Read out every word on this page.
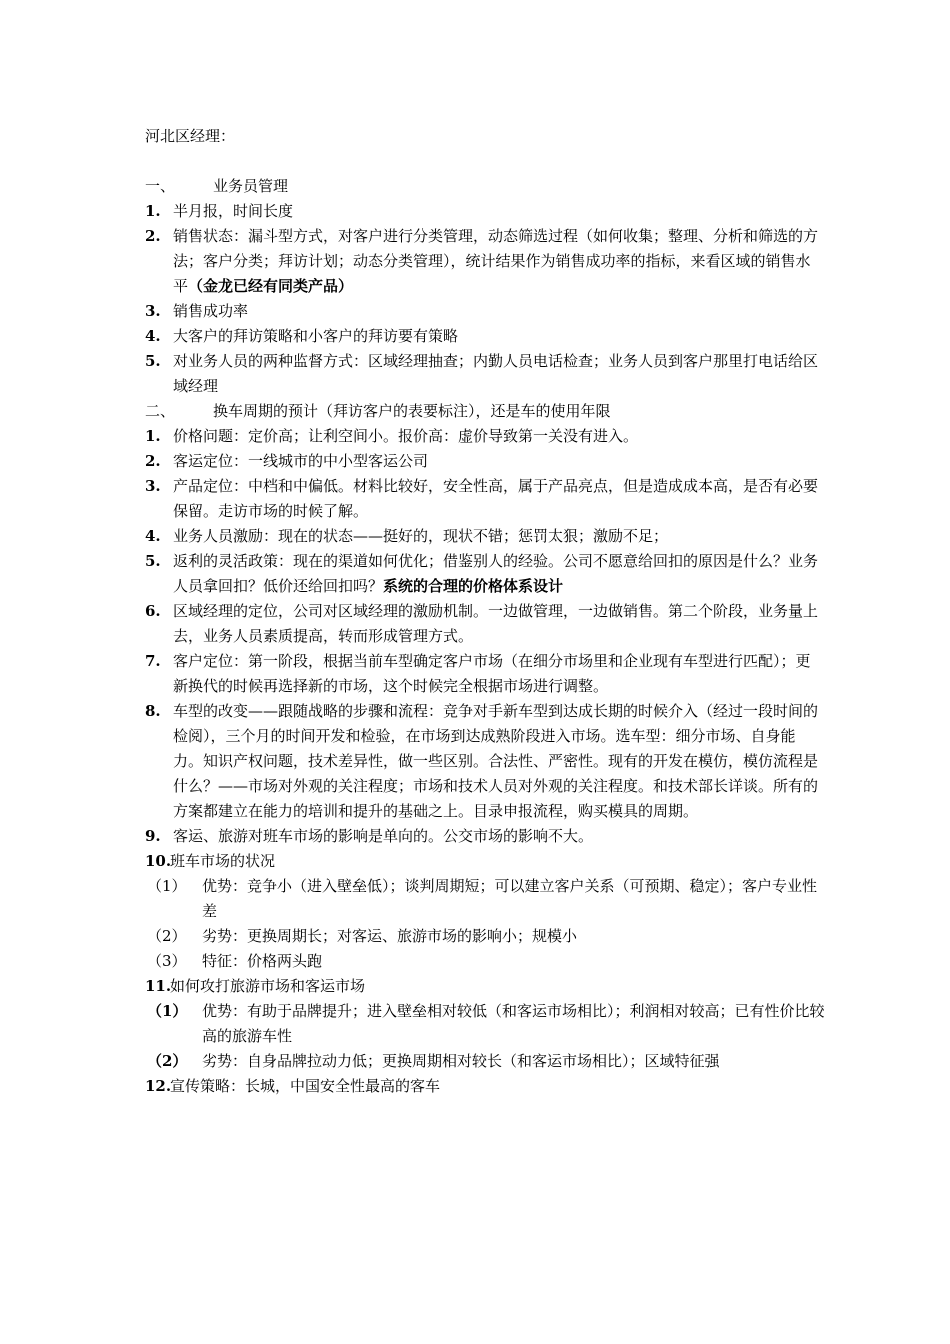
河北区经理：
一、	业务员管理
1. 半月报，时间长度
2. 销售状态：漏斗型方式，对客户进行分类管理，动态筛选过程（如何收集；整理、分析和筛选的方法；客户分类；拜访计划；动态分类管理），统计结果作为销售成功率的指标，来看区域的销售水平（金龙已经有同类产品）
3. 销售成功率
4. 大客户的拜访策略和小客户的拜访要有策略
5. 对业务人员的两种监督方式：区域经理抽查；内勤人员电话检查；业务人员到客户那里打电话给区域经理
二、	换车周期的预计（拜访客户的表要标注），还是车的使用年限
1. 价格问题：定价高；让利空间小。报价高：虚价导致第一关没有进入。
2. 客运定位：一线城市的中小型客运公司
3. 产品定位：中档和中偏低。材料比较好，安全性高，属于产品亮点，但是造成成本高，是否有必要保留。走访市场的时候了解。
4. 业务人员激励：现在的状态——挺好的，现状不错；惩罚太狠；激励不足；
5. 返利的灵活政策：现在的渠道如何优化；借鉴别人的经验。公司不愿意给回扣的原因是什么？业务人员拿回扣？低价还给回扣吗？系统的合理的价格体系设计
6. 区域经理的定位，公司对区域经理的激励机制。一边做管理，一边做销售。第二个阶段，业务量上去，业务人员素质提高，转而形成管理方式。
7. 客户定位：第一阶段，根据当前车型确定客户市场（在细分市场里和企业现有车型进行匹配）；更新换代的时候再选择新的市场，这个时候完全根据市场进行调整。
8. 车型的改变——跟随战略的步骤和流程：竞争对手新车型到达成长期的时候介入（经过一段时间的检阅），三个月的时间开发和检验，在市场到达成熟阶段进入市场。选车型：细分市场、自身能力。知识产权问题，技术差异性，做一些区别。合法性、严密性。现有的开发在模仿，模仿流程是什么？——市场对外观的关注程度；市场和技术人员对外观的关注程度。和技术部长详谈。所有的方案都建立在能力的培训和提升的基础之上。目录申报流程，购买模具的周期。
9. 客运、旅游对班车市场的影响是单向的。公交市场的影响不大。
10.
班车市场的状况
（1）	优势：竞争小（进入壁垒低）；谈判周期短；可以建立客户关系（可预期、稳定）；客户专业性差
（2）	劣势：更换周期长；对客运、旅游市场的影响小；规模小
（3）	特征：价格两头跑
11.
如何攻打旅游市场和客运市场
（1） 优势：有助于品牌提升；进入壁垒相对较低（和客运市场相比）；利润相对较高；已有性价比较高的旅游车性
（2） 劣势：自身品牌拉动力低；更换周期相对较长（和客运市场相比）；区域特征强
12.
宣传策略：长城，中国安全性最高的客车
